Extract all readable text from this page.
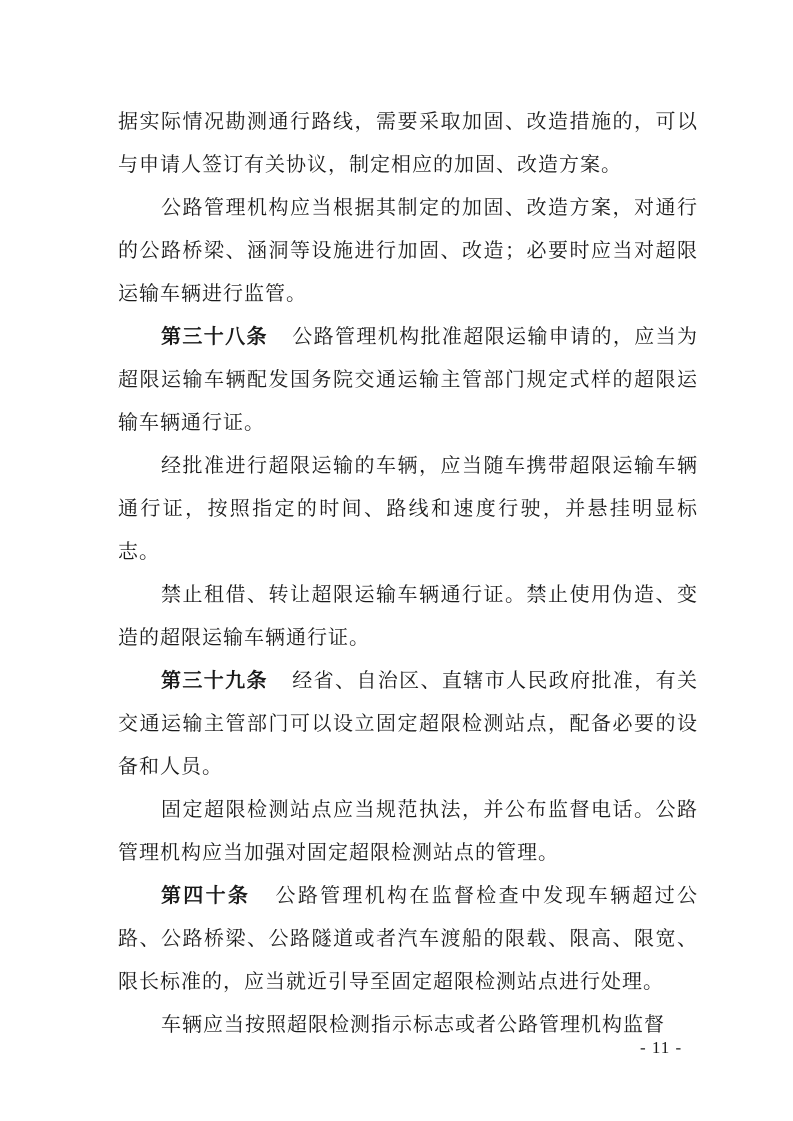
据实际情况勘测通行路线，需要采取加固、改造措施的，可以与申请人签订有关协议，制定相应的加固、改造方案。

公路管理机构应当根据其制定的加固、改造方案，对通行的公路桥梁、涵洞等设施进行加固、改造；必要时应当对超限运输车辆进行监管。

第三十八条 公路管理机构批准超限运输申请的，应当为超限运输车辆配发国务院交通运输主管部门规定式样的超限运输车辆通行证。

经批准进行超限运输的车辆，应当随车携带超限运输车辆通行证，按照指定的时间、路线和速度行驶，并悬挂明显标志。

禁止租借、转让超限运输车辆通行证。禁止使用伪造、变造的超限运输车辆通行证。

第三十九条 经省、自治区、直辖市人民政府批准，有关交通运输主管部门可以设立固定超限检测站点，配备必要的设备和人员。

固定超限检测站点应当规范执法，并公布监督电话。公路管理机构应当加强对固定超限检测站点的管理。

第四十条 公路管理机构在监督检查中发现车辆超过公路、公路桥梁、公路隧道或者汽车渡船的限载、限高、限宽、限长标准的，应当就近引导至固定超限检测站点进行处理。

车辆应当按照超限检测指示标志或者公路管理机构监督

- 11 -
